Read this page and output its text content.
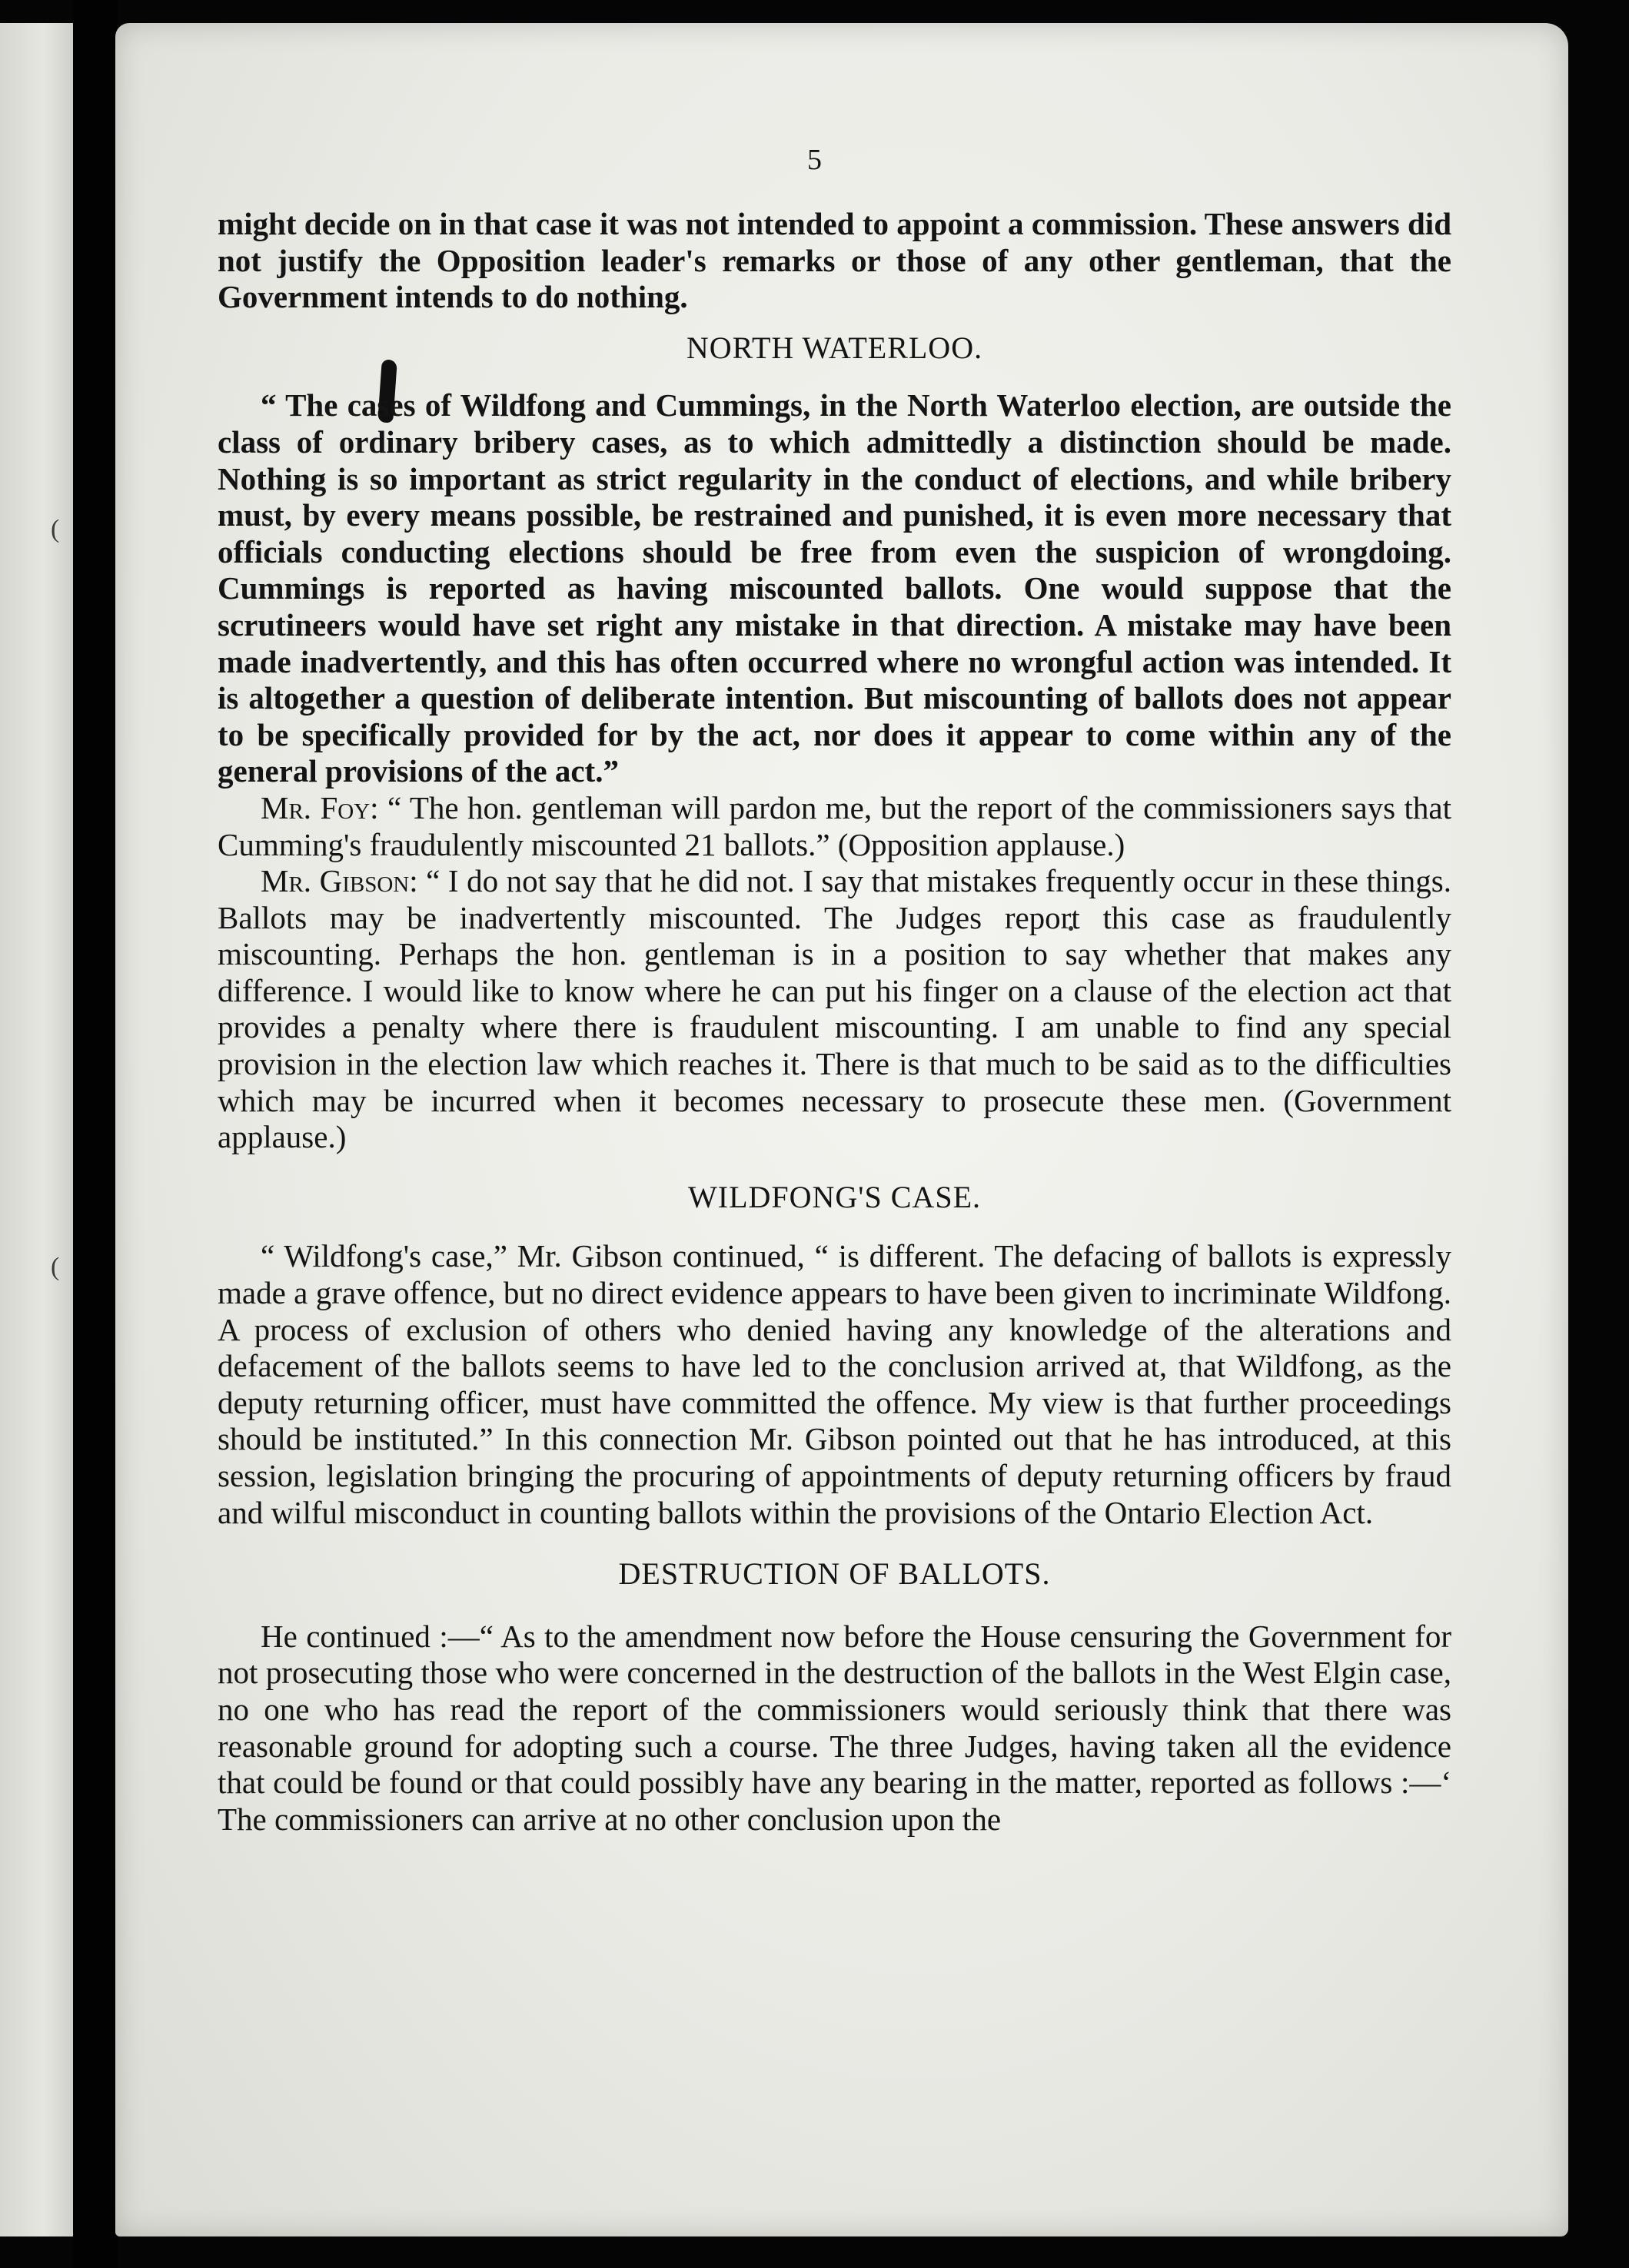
(
(
5

might decide on in that case it was not intended to appoint a commission. These answers did not justify the Opposition leader's remarks or those of any other gentleman, that the Government intends to do nothing.

NORTH WATERLOO.

“ The cases of Wildfong and Cummings, in the North Waterloo election, are outside the class of ordinary bribery cases, as to which admittedly a distinction should be made. Nothing is so important as strict regularity in the conduct of elections, and while bribery must, by every means possible, be restrained and punished, it is even more necessary that officials conducting elections should be free from even the suspicion of wrongdoing. Cummings is reported as having miscounted ballots. One would suppose that the scrutineers would have set right any mistake in that direction. A mistake may have been made inadvertently, and this has often occurred where no wrongful action was intended. It is altogether a question of deliberate intention. But miscounting of ballots does not appear to be specifically provided for by the act, nor does it appear to come within any of the general provisions of the act.”

Mr. Foy: “ The hon. gentleman will pardon me, but the report of the commissioners says that Cumming's fraudulently miscounted 21 ballots.” (Opposition applause.)

Mr. Gibson: “ I do not say that he did not. I say that mistakes frequently occur in these things. Ballots may be inadvertently miscounted. The Judges report this case as fraudulently miscounting. Perhaps the hon. gentleman is in a position to say whether that makes any difference. I would like to know where he can put his finger on a clause of the election act that provides a penalty where there is fraudulent miscounting. I am unable to find any special provision in the election law which reaches it. There is that much to be said as to the difficulties which may be incurred when it becomes necessary to prosecute these men. (Government applause.)

WILDFONG'S CASE.

“ Wildfong's case,” Mr. Gibson continued, “ is different. The defacing of ballots is expressly made a grave offence, but no direct evidence appears to have been given to incriminate Wildfong. A process of exclusion of others who denied having any knowledge of the alterations and defacement of the ballots seems to have led to the conclusion arrived at, that Wildfong, as the deputy returning officer, must have committed the offence. My view is that further proceedings should be instituted.” In this connection Mr. Gibson pointed out that he has introduced, at this session, legislation bringing the procuring of appointments of deputy returning officers by fraud and wilful misconduct in counting ballots within the provisions of the Ontario Election Act.

DESTRUCTION OF BALLOTS.

He continued :—“ As to the amendment now before the House censuring the Government for not prosecuting those who were concerned in the destruction of the ballots in the West Elgin case, no one who has read the report of the commissioners would seriously think that there was reasonable ground for adopting such a course. The three Judges, having taken all the evidence that could be found or that could possibly have any bearing in the matter, reported as follows :—‘ The commissioners can arrive at no other conclusion upon the
